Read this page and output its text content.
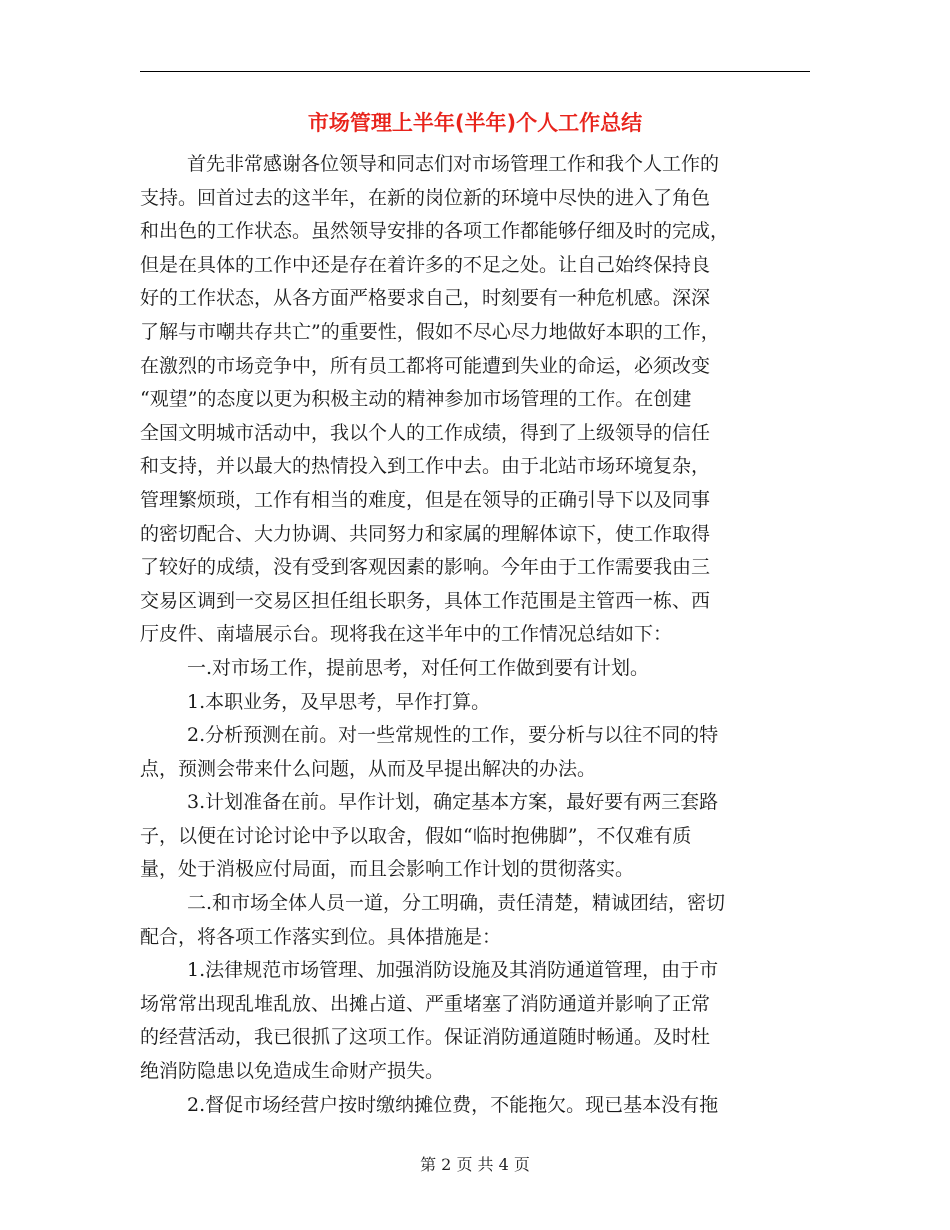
市场管理上半年(半年)个人工作总结
首先非常感谢各位领导和同志们对市场管理工作和我个人工作的
支持。回首过去的这半年，在新的岗位新的环境中尽快的进入了角色
和出色的工作状态。虽然领导安排的各项工作都能够仔细及时的完成，
但是在具体的工作中还是存在着许多的不足之处。让自己始终保持良
好的工作状态，从各方面严格要求自己，时刻要有一种危机感。深深
了解与市嘲共存共亡”的重要性，假如不尽心尽力地做好本职的工作，
在激烈的市场竞争中，所有员工都将可能遭到失业的命运，必须改变
“观望”的态度以更为积极主动的精神参加市场管理的工作。在创建
全国文明城市活动中，我以个人的工作成绩，得到了上级领导的信任
和支持，并以最大的热情投入到工作中去。由于北站市场环境复杂，
管理繁烦琐，工作有相当的难度，但是在领导的正确引导下以及同事
的密切配合、大力协调、共同努力和家属的理解体谅下，使工作取得
了较好的成绩，没有受到客观因素的影响。今年由于工作需要我由三
交易区调到一交易区担任组长职务，具体工作范围是主管西一栋、西
厅皮件、南墙展示台。现将我在这半年中的工作情况总结如下：
一.对市场工作，提前思考，对任何工作做到要有计划。
1.本职业务，及早思考，早作打算。
2.分析预测在前。对一些常规性的工作，要分析与以往不同的特
点，预测会带来什么问题，从而及早提出解决的办法。
3.计划准备在前。早作计划，确定基本方案，最好要有两三套路
子，以便在讨论讨论中予以取舍，假如“临时抱佛脚”，不仅难有质
量，处于消极应付局面，而且会影响工作计划的贯彻落实。
二.和市场全体人员一道，分工明确，责任清楚，精诚团结，密切
配合，将各项工作落实到位。具体措施是：
1.法律规范市场管理、加强消防设施及其消防通道管理，由于市
场常常出现乱堆乱放、出摊占道、严重堵塞了消防通道并影响了正常
的经营活动，我已很抓了这项工作。保证消防通道随时畅通。及时杜
绝消防隐患以免造成生命财产损失。
2.督促市场经营户按时缴纳摊位费，不能拖欠。现已基本没有拖
第 2 页 共 4 页
